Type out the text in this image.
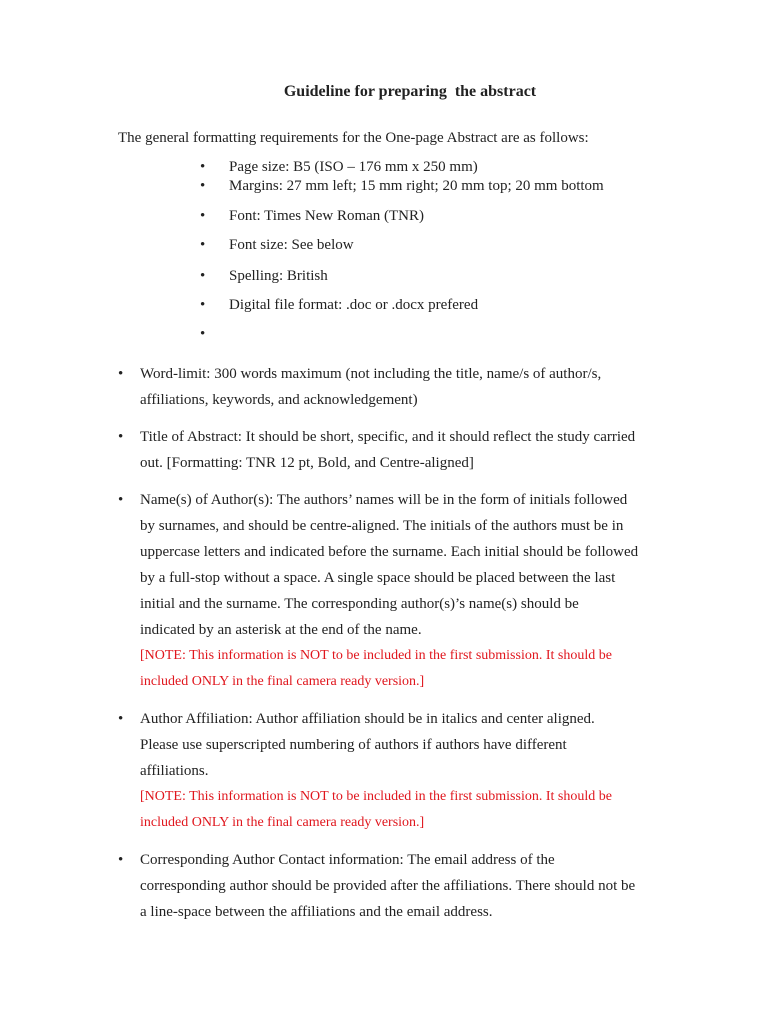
Guideline for preparing  the abstract
The general formatting requirements for the One-page Abstract are as follows:
• Page size: B5 (ISO – 176 mm x 250 mm)
• Margins: 27 mm left; 15 mm right; 20 mm top; 20 mm bottom
• Font: Times New Roman (TNR)
• Font size: See below
• Spelling: British
• Digital file format: .doc or .docx prefered
•
• Word-limit: 300 words maximum (not including the title, name/s of author/s,
affiliations, keywords, and acknowledgement)
• Title of Abstract: It should be short, specific, and it should reflect the study carried
out. [Formatting: TNR 12 pt, Bold, and Centre-aligned]
• Name(s) of Author(s): The authors’ names will be in the form of initials followed
by surnames, and should be centre-aligned. The initials of the authors must be in
uppercase letters and indicated before the surname. Each initial should be followed
by a full-stop without a space. A single space should be placed between the last
initial and the surname. The corresponding author(s)’s name(s) should be
indicated by an asterisk at the end of the name.
[NOTE: This information is NOT to be included in the first submission. It should be
included ONLY in the final camera ready version.]
• Author Affiliation: Author affiliation should be in italics and center aligned.
Please use superscripted numbering of authors if authors have different
affiliations.
[NOTE: This information is NOT to be included in the first submission. It should be
included ONLY in the final camera ready version.]
• Corresponding Author Contact information: The email address of the
corresponding author should be provided after the affiliations. There should not be
a line-space between the affiliations and the email address.
